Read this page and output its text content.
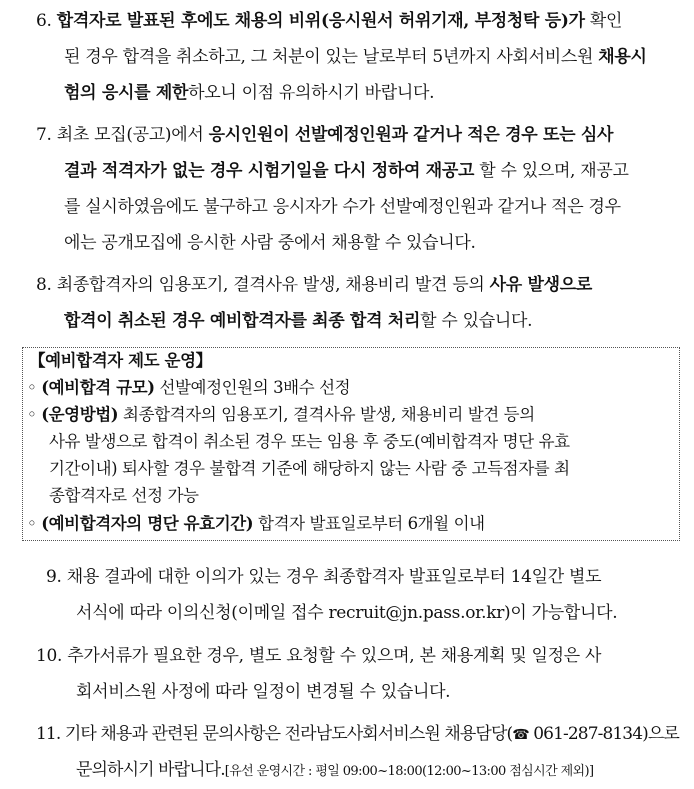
6. 합격자로 발표된 후에도 채용의 비위(응시원서 허위기재, 부정청탁 등)가 확인
된 경우 합격을 취소하고, 그 처분이 있는 날로부터 5년까지 사회서비스원 채용시
험의 응시를 제한하오니 이점 유의하시기 바랍니다.
7. 최초 모집(공고)에서 응시인원이 선발예정인원과 같거나 적은 경우 또는 심사
결과 적격자가 없는 경우 시험기일을 다시 정하여 재공고 할 수 있으며, 재공고
를 실시하였음에도 불구하고 응시자가 수가 선발예정인원과 같거나 적은 경우
에는 공개모집에 응시한 사람 중에서 채용할 수 있습니다.
8. 최종합격자의 임용포기, 결격사유 발생, 채용비리 발견 등의 사유 발생으로
합격이 취소된 경우 예비합격자를 최종 합격 처리할 수 있습니다.
【예비합격자 제도 운영】
◦ (예비합격 규모) 선발예정인원의 3배수 선정
◦ (운영방법) 최종합격자의 임용포기, 결격사유 발생, 채용비리 발견 등의
사유 발생으로 합격이 취소된 경우 또는 임용 후 중도(예비합격자 명단 유효
기간이내) 퇴사할 경우 불합격 기준에 해당하지 않는 사람 중 고득점자를 최
종합격자로 선정 가능
◦ (예비합격자의 명단 유효기간) 합격자 발표일로부터 6개월 이내
9. 채용 결과에 대한 이의가 있는 경우 최종합격자 발표일로부터 14일간 별도
서식에 따라 이의신청(이메일 접수 recruit@jn.pass.or.kr)이 가능합니다.
10. 추가서류가 필요한 경우, 별도 요청할 수 있으며, 본 채용계획 및 일정은 사
회서비스원 사정에 따라 일정이 변경될 수 있습니다.
11. 기타 채용과 관련된 문의사항은 전라남도사회서비스원 채용담당(☎ 061-287-8134)으로
문의하시기 바랍니다.[유선 운영시간 : 평일 09:00~18:00(12:00~13:00 점심시간 제외)]
